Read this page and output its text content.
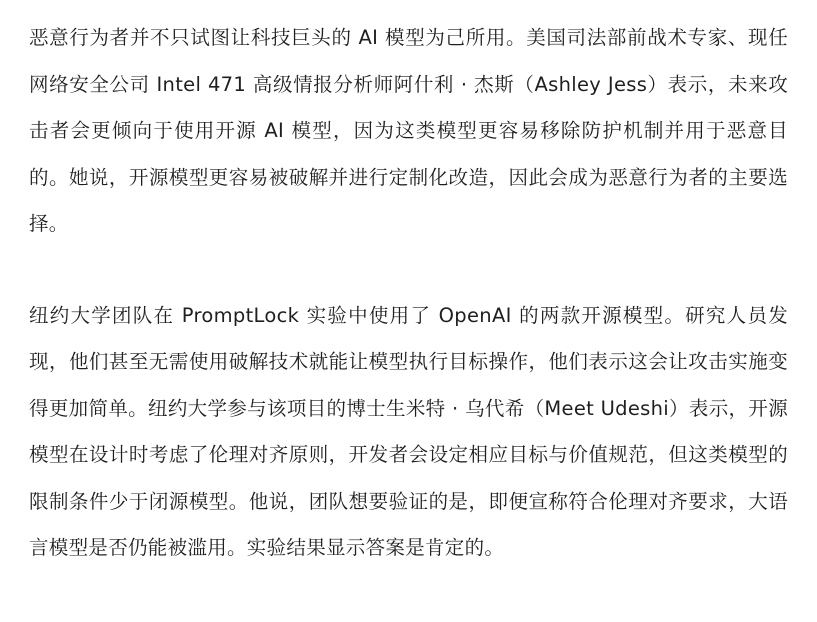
恶意行为者并不只试图让科技巨头的 AI 模型为己所用。美国司法部前战术专家、现任网络安全公司 Intel 471 高级情报分析师阿什利 · 杰斯（Ashley Jess）表示，未来攻击者会更倾向于使用开源 AI 模型，因为这类模型更容易移除防护机制并用于恶意目的。她说，开源模型更容易被破解并进行定制化改造，因此会成为恶意行为者的主要选择。

纽约大学团队在 PromptLock 实验中使用了 OpenAI 的两款开源模型。研究人员发现，他们甚至无需使用破解技术就能让模型执行目标操作，他们表示这会让攻击实施变得更加简单。纽约大学参与该项目的博士生米特 · 乌代希（Meet Udeshi）表示，开源模型在设计时考虑了伦理对齐原则，开发者会设定相应目标与价值规范，但这类模型的限制条件少于闭源模型。他说，团队想要验证的是，即便宣称符合伦理对齐要求，大语言模型是否仍能被滥用。实验结果显示答案是肯定的。
